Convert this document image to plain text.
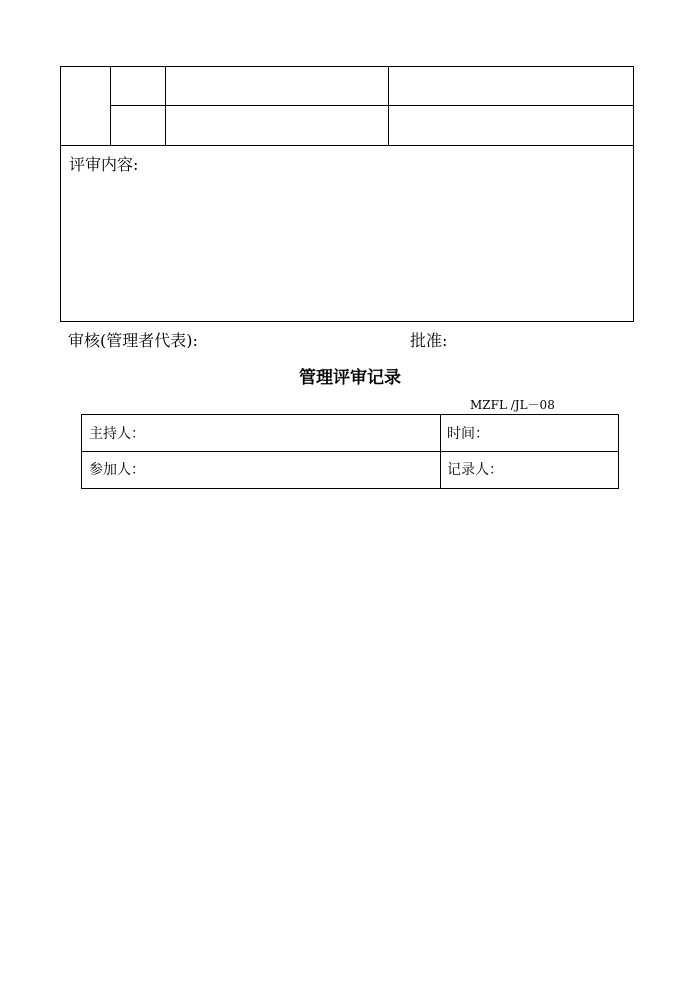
评审内容:
审核(管理者代表):	批准:
管理评审记录
MZFL /JL－08
主持人：	时间：
参加人：	记录人：
